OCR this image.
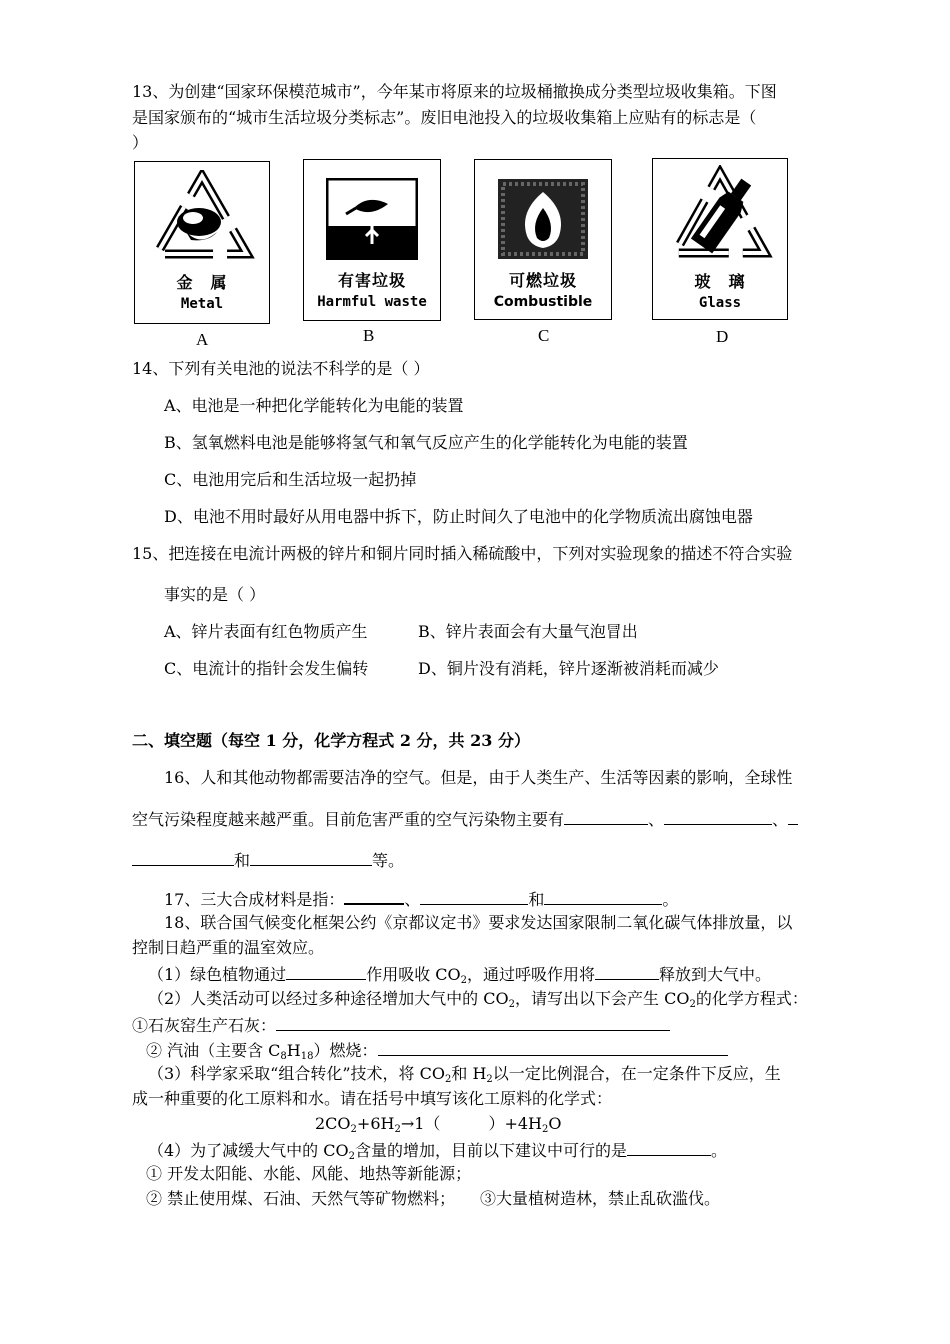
13、为创建“国家环保模范城市”，今年某市将原来的垃圾桶撤换成分类型垃圾收集箱。下图
是国家颁布的“城市生活垃圾分类标志”。废旧电池投入的垃圾收集箱上应贴有的标志是（
）
金　属
Metal
A
有害垃圾
Harmful waste
B
可燃垃圾
Combustible
C
玻　璃
Glass
D
14、下列有关电池的说法不科学的是（ ）
A、电池是一种把化学能转化为电能的装置
B、氢氧燃料电池是能够将氢气和氧气反应产生的化学能转化为电能的装置
C、电池用完后和生活垃圾一起扔掉
D、电池不用时最好从用电器中拆下，防止时间久了电池中的化学物质流出腐蚀电器
15、把连接在电流计两极的锌片和铜片同时插入稀硫酸中，下列对实验现象的描述不符合实验
事实的是（ ）
A、锌片表面有红色物质产生	B、锌片表面会有大量气泡冒出
C、电流计的指针会发生偏转	D、铜片没有消耗，锌片逐渐被消耗而减少
二、填空题（每空 1 分，化学方程式 2 分，共 23 分）
16、人和其他动物都需要洁净的空气。但是，由于人类生产、生活等因素的影响，全球性
空气污染程度越来越严重。目前危害严重的空气污染物主要有	、	、
和	等。
17、三大合成材料是指：	、	和	。
18、联合国气候变化框架公约《京都议定书》要求发达国家限制二氧化碳气体排放量，以
控制日趋严重的温室效应。
（1）绿色植物通过	作用吸收 $CO_2$，通过呼吸作用将	释放到大气中。
（2）人类活动可以经过多种途径增加大气中的 $CO_2$，请写出以下会产生 $CO_2$的化学方程式：
①石灰窑生产石灰：
② 汽油（主要含 $C_8H_{18}$）燃烧：
（3）科学家采取“组合转化”技术，将 $CO_2$和 $H_2$以一定比例混合，在一定条件下反应，生
成一种重要的化工原料和水。请在括号中填写该化工原料的化学式：
$2CO_2+6H_2\to 1$（	）$+4H_2O$
（4）为了减缓大气中的 $CO_2$含量的增加，目前以下建议中可行的是	。
① 开发太阳能、水能、风能、地热等新能源；
② 禁止使用煤、石油、天然气等矿物燃料； ③大量植树造林，禁止乱砍滥伐。
